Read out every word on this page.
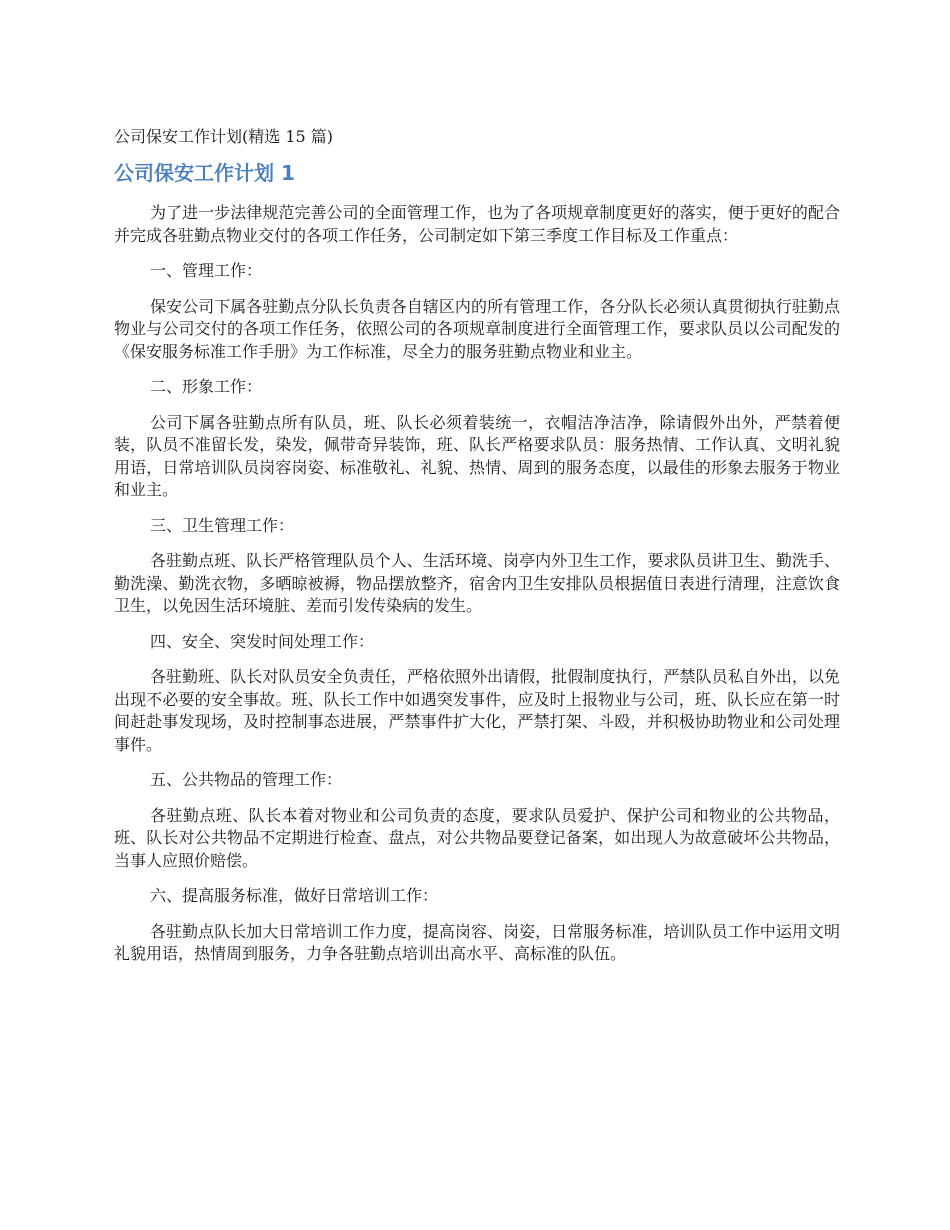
公司保安工作计划(精选 15 篇)
公司保安工作计划 1

为了进一步法律规范完善公司的全面管理工作，也为了各项规章制度更好的落实，便于更好的配合并完成各驻勤点物业交付的各项工作任务，公司制定如下第三季度工作目标及工作重点：

一、管理工作：

保安公司下属各驻勤点分队长负责各自辖区内的所有管理工作，各分队长必须认真贯彻执行驻勤点物业与公司交付的各项工作任务，依照公司的各项规章制度进行全面管理工作，要求队员以公司配发的《保安服务标准工作手册》为工作标准，尽全力的服务驻勤点物业和业主。

二、形象工作：

公司下属各驻勤点所有队员，班、队长必须着装统一，衣帽洁净洁净，除请假外出外，严禁着便装，队员不准留长发，染发，佩带奇异装饰，班、队长严格要求队员：服务热情、工作认真、文明礼貌用语，日常培训队员岗容岗姿、标准敬礼、礼貌、热情、周到的服务态度，以最佳的形象去服务于物业和业主。

三、卫生管理工作：

各驻勤点班、队长严格管理队员个人、生活环境、岗亭内外卫生工作，要求队员讲卫生、勤洗手、勤洗澡、勤洗衣物，多晒晾被褥，物品摆放整齐，宿舍内卫生安排队员根据值日表进行清理，注意饮食卫生，以免因生活环境脏、差而引发传染病的发生。

四、安全、突发时间处理工作：

各驻勤班、队长对队员安全负责任，严格依照外出请假，批假制度执行，严禁队员私自外出，以免出现不必要的安全事故。班、队长工作中如遇突发事件，应及时上报物业与公司，班、队长应在第一时间赶赴事发现场，及时控制事态进展，严禁事件扩大化，严禁打架、斗殴，并积极协助物业和公司处理事件。

五、公共物品的管理工作：

各驻勤点班、队长本着对物业和公司负责的态度，要求队员爱护、保护公司和物业的公共物品，班、队长对公共物品不定期进行检查、盘点，对公共物品要登记备案，如出现人为故意破坏公共物品，当事人应照价赔偿。

六、提高服务标准，做好日常培训工作：

各驻勤点队长加大日常培训工作力度，提高岗容、岗姿，日常服务标准，培训队员工作中运用文明礼貌用语，热情周到服务，力争各驻勤点培训出高水平、高标准的队伍。
